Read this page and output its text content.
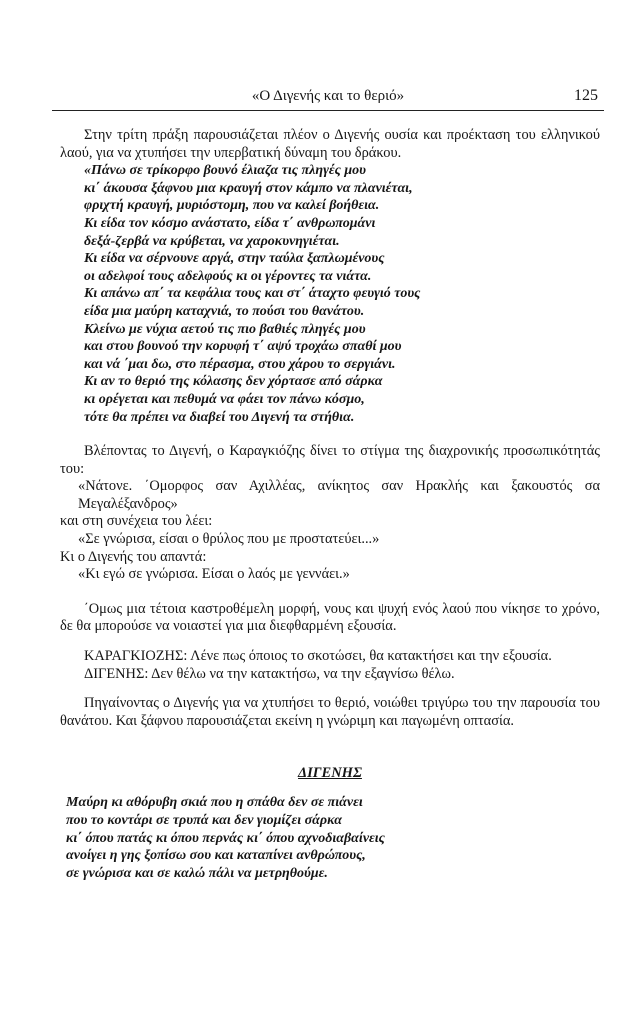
«Ο Διγενής και το θεριό»	125

Στην τρίτη πράξη παρουσιάζεται πλέον ο Διγενής ουσία και προέκταση του ελληνικού λαού, για να χτυπήσει την υπερβατική δύναμη του δράκου.

«Πάνω σε τρίκορφο βουνό έλιαζα τις πληγές μου
κι΄ άκουσα ξάφνου μια κραυγή στον κάμπο να πλανιέται,
φριχτή κραυγή, μυριόστομη, που να καλεί βοήθεια.
Κι είδα τον κόσμο ανάστατο, είδα τ΄ ανθρωπομάνι
δεξά-ζερβά να κρύβεται, να χαροκυνηγιέται.
Κι είδα να σέρνουνε αργά, στην ταύλα ξαπλωμένους
οι αδελφοί τους αδελφούς κι οι γέροντες τα νιάτα.
Κι απάνω απ΄ τα κεφάλια τους και στ΄ άταχτο φευγιό τους
είδα μια μαύρη καταχνιά, το πούσι του θανάτου.
Κλείνω με νύχια αετού τις πιο βαθιές πληγές μου
και στου βουνού την κορυφή τ΄ αψύ τροχάω σπαθί μου
και νά ΄μαι δω, στο πέρασμα, στου χάρου το σεργιάνι.
Κι αν το θεριό της κόλασης δεν χόρτασε από σάρκα
κι ορέγεται και πεθυμά να φάει τον πάνω κόσμο,
τότε θα πρέπει να διαβεί του Διγενή τα στήθια.

Βλέποντας το Διγενή, ο Καραγκιόζης δίνει το στίγμα της διαχρονικής προσωπικότητάς του:

«Νάτονε. ΄Ομορφος σαν Αχιλλέας, ανίκητος σαν Ηρακλής και ξακουστός σα Μεγαλέξανδρος»

και στη συνέχεια του λέει:
«Σε γνώρισα, είσαι ο θρύλος που με προστατεύει...»
Κι ο Διγενής του απαντά:
«Κι εγώ σε γνώρισα. Είσαι ο λαός με γεννάει.»

΄Ομως μια τέτοια καστροθέμελη μορφή, νους και ψυχή ενός λαού που νίκησε το χρόνο, δε θα μπορούσε να νοιαστεί για μια διεφθαρμένη εξουσία.

ΚΑΡΑΓΚΙΟΖΗΣ: Λένε πως όποιος το σκοτώσει, θα κατακτήσει και την εξουσία.

ΔΙΓΕΝΗΣ: Δεν θέλω να την κατακτήσω, να την εξαγνίσω θέλω.

Πηγαίνοντας ο Διγενής για να χτυπήσει το θεριό, νοιώθει τριγύρω του την παρουσία του θανάτου. Και ξάφνου παρουσιάζεται εκείνη η γνώριμη και παγωμένη οπτασία.

ΔΙΓΕΝΗΣ

Μαύρη κι αθόρυβη σκιά που η σπάθα δεν σε πιάνει
που το κοντάρι σε τρυπά και δεν γιομίζει σάρκα
κι΄ όπου πατάς κι όπου περνάς κι΄ όπου αχνοδιαβαίνεις
ανοίγει η γης ξοπίσω σου και καταπίνει ανθρώπους,
σε γνώρισα και σε καλώ πάλι να μετρηθούμε.
